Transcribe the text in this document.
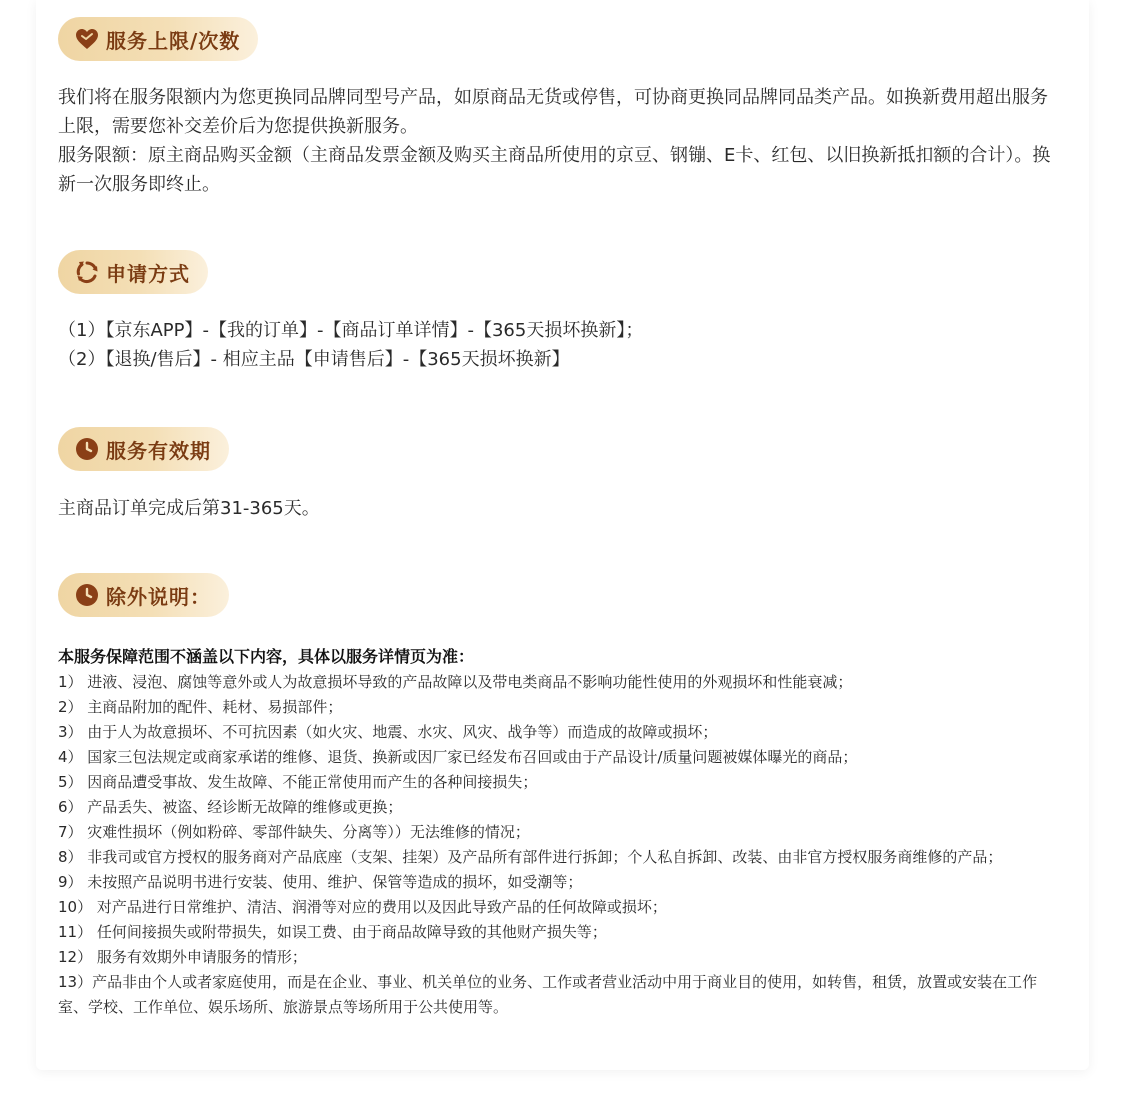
服务上限/次数

我们将在服务限额内为您更换同品牌同型号产品，如原商品无货或停售，可协商更换同品牌同品类产品。如换新费用超出服务上限，需要您补交差价后为您提供换新服务。

服务限额：原主商品购买金额（主商品发票金额及购买主商品所使用的京豆、钢镚、E卡、红包、以旧换新抵扣额的合计）。换新一次服务即终止。

申请方式

（1）【京东APP】-【我的订单】-【商品订单详情】-【365天损坏换新】；

（2）【退换/售后】- 相应主品【申请售后】-【365天损坏换新】

服务有效期
主商品订单完成后第31-365天。
除外说明：
本服务保障范围不涵盖以下内容，具体以服务详情页为准：
1） 进液、浸泡、腐蚀等意外或人为故意损坏导致的产品故障以及带电类商品不影响功能性使用的外观损坏和性能衰减；
2） 主商品附加的配件、耗材、易损部件；
3） 由于人为故意损坏、不可抗因素（如火灾、地震、水灾、风灾、战争等）而造成的故障或损坏；
4） 国家三包法规定或商家承诺的维修、退货、换新或因厂家已经发布召回或由于产品设计/质量问题被媒体曝光的商品；
5） 因商品遭受事故、发生故障、不能正常使用而产生的各种间接损失；
6） 产品丢失、被盗、经诊断无故障的维修或更换；
7） 灾难性损坏（例如粉碎、零部件缺失、分离等））无法维修的情况；
8） 非我司或官方授权的服务商对产品底座（支架、挂架）及产品所有部件进行拆卸；个人私自拆卸、改装、由非官方授权服务商维修的产品；
9） 未按照产品说明书进行安装、使用、维护、保管等造成的损坏，如受潮等；
10） 对产品进行日常维护、清洁、润滑等对应的费用以及因此导致产品的任何故障或损坏；
11） 任何间接损失或附带损失，如误工费、由于商品故障导致的其他财产损失等；
12） 服务有效期外申请服务的情形；
13）产品非由个人或者家庭使用，而是在企业、事业、机关单位的业务、工作或者营业活动中用于商业目的使用，如转售，租赁，放置或安装在工作室、学校、工作单位、娱乐场所、旅游景点等场所用于公共使用等。
